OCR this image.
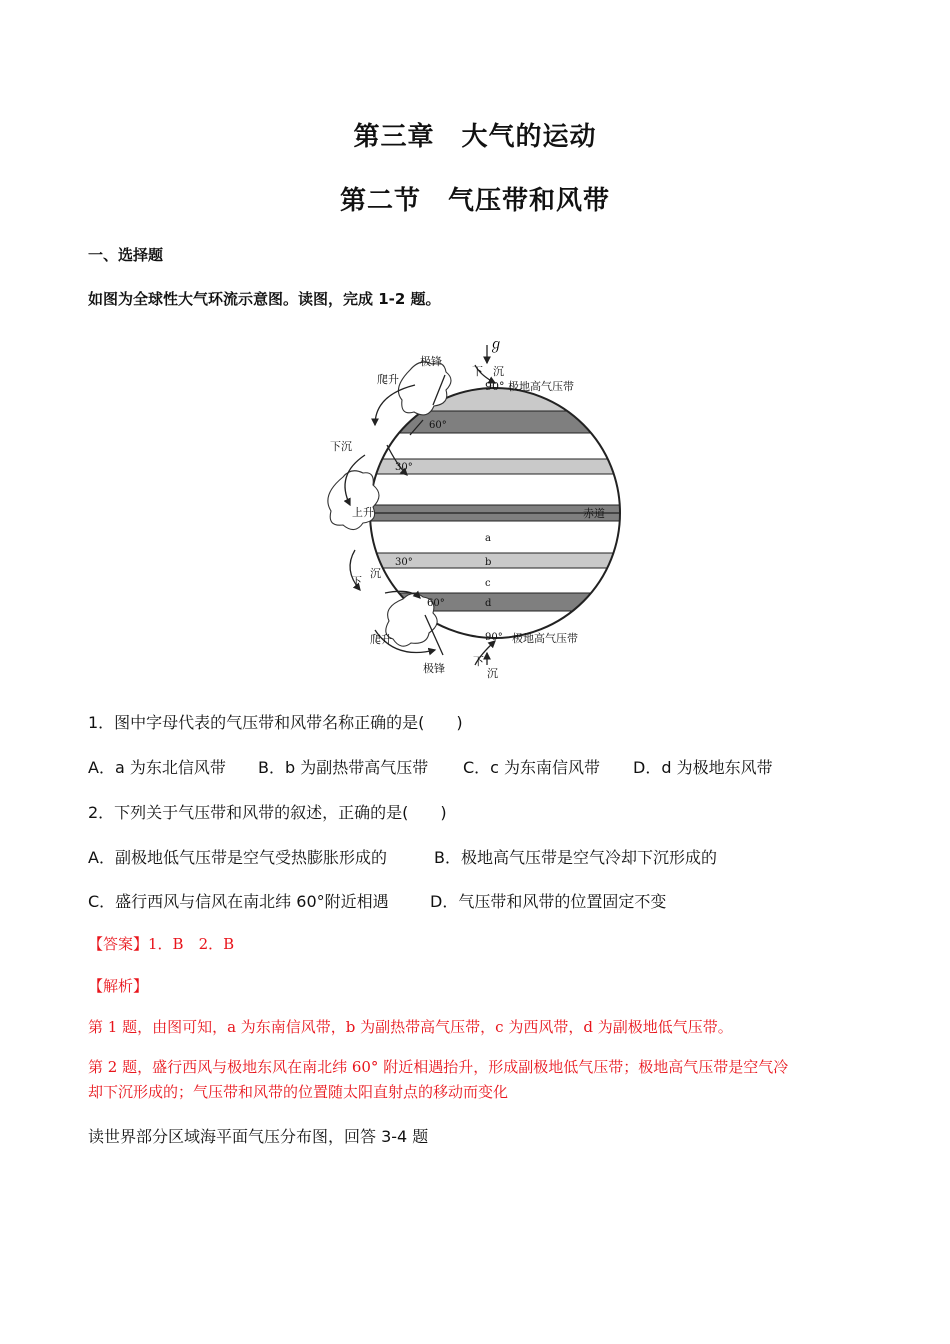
第三章　大气的运动
第二节　气压带和风带
一、选择题
如图为全球性大气环流示意图。读图，完成 1-2 题。
ℊ
极锋
爬升
下 沉
90° 极地高气压带
60°
下沉
30°
上升	赤道
a
30°	b
c
下
沉
60°	d
90° 极地高气压带
爬升
极锋
下
沉
1．图中字母代表的气压带和风带名称正确的是(　　)
A．a 为东北信风带 B．b 为副热带高气压带 C．c 为东南信风带 D．d 为极地东风带
2．下列关于气压带和风带的叙述，正确的是(　　)
A．副极地低气压带是空气受热膨胀形成的	B．极地高气压带是空气冷却下沉形成的
C．盛行西风与信风在南北纬 60°附近相遇	D．气压带和风带的位置固定不变
【答案】1．B　2．B
【解析】
第 1 题，由图可知，a 为东南信风带，b 为副热带高气压带，c 为西风带，d 为副极地低气压带。
第 2 题，盛行西风与极地东风在南北纬 60° 附近相遇抬升，形成副极地低气压带；极地高气压带是空气冷
却下沉形成的；气压带和风带的位置随太阳直射点的移动而变化
读世界部分区域海平面气压分布图，回答 3-4 题
